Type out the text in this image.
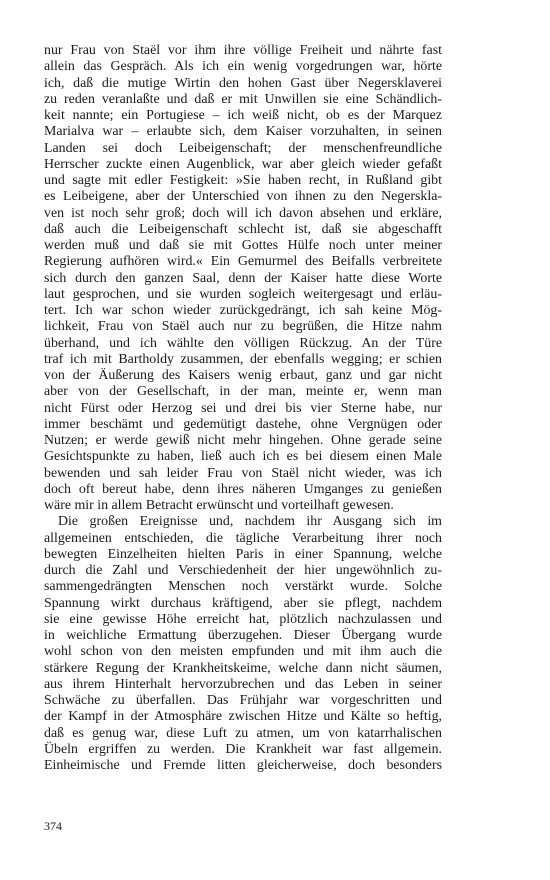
nur Frau von Staël vor ihm ihre völlige Freiheit und nährte fast
allein das Gespräch. Als ich ein wenig vorgedrungen war, hörte
ich, daß die mutige Wirtin den hohen Gast über Negersklaverei
zu reden veranlaßte und daß er mit Unwillen sie eine Schändlich-
keit nannte; ein Portugiese – ich weiß nicht, ob es der Marquez
Marialva war – erlaubte sich, dem Kaiser vorzuhalten, in seinen
Landen sei doch Leibeigenschaft; der menschenfreundliche
Herrscher zuckte einen Augenblick, war aber gleich wieder gefaßt
und sagte mit edler Festigkeit: »Sie haben recht, in Rußland gibt
es Leibeigene, aber der Unterschied von ihnen zu den Negerskla-
ven ist noch sehr groß; doch will ich davon absehen und erkläre,
daß auch die Leibeigenschaft schlecht ist, daß sie abgeschafft
werden muß und daß sie mit Gottes Hülfe noch unter meiner
Regierung aufhören wird.« Ein Gemurmel des Beifalls verbreitete
sich durch den ganzen Saal, denn der Kaiser hatte diese Worte
laut gesprochen, und sie wurden sogleich weitergesagt und erläu-
tert. Ich war schon wieder zurückgedrängt, ich sah keine Mög-
lichkeit, Frau von Staël auch nur zu begrüßen, die Hitze nahm
überhand, und ich wählte den völligen Rückzug. An der Türe
traf ich mit Bartholdy zusammen, der ebenfalls wegging; er schien
von der Äußerung des Kaisers wenig erbaut, ganz und gar nicht
aber von der Gesellschaft, in der man, meinte er, wenn man
nicht Fürst oder Herzog sei und drei bis vier Sterne habe, nur
immer beschämt und gedemütigt dastehe, ohne Vergnügen oder
Nutzen; er werde gewiß nicht mehr hingehen. Ohne gerade seine
Gesichtspunkte zu haben, ließ auch ich es bei diesem einen Male
bewenden und sah leider Frau von Staël nicht wieder, was ich
doch oft bereut habe, denn ihres näheren Umganges zu genießen
wäre mir in allem Betracht erwünscht und vorteilhaft gewesen.
Die großen Ereignisse und, nachdem ihr Ausgang sich im
allgemeinen entschieden, die tägliche Verarbeitung ihrer noch
bewegten Einzelheiten hielten Paris in einer Spannung, welche
durch die Zahl und Verschiedenheit der hier ungewöhnlich zu-
sammengedrängten Menschen noch verstärkt wurde. Solche
Spannung wirkt durchaus kräftigend, aber sie pflegt, nachdem
sie eine gewisse Höhe erreicht hat, plötzlich nachzulassen und
in weichliche Ermattung überzugehen. Dieser Übergang wurde
wohl schon von den meisten empfunden und mit ihm auch die
stärkere Regung der Krankheitskeime, welche dann nicht säumen,
aus ihrem Hinterhalt hervorzubrechen und das Leben in seiner
Schwäche zu überfallen. Das Frühjahr war vorgeschritten und
der Kampf in der Atmosphäre zwischen Hitze und Kälte so heftig,
daß es genug war, diese Luft zu atmen, um von katarrhalischen
Übeln ergriffen zu werden. Die Krankheit war fast allgemein.
Einheimische und Fremde litten gleicherweise, doch besonders
374
